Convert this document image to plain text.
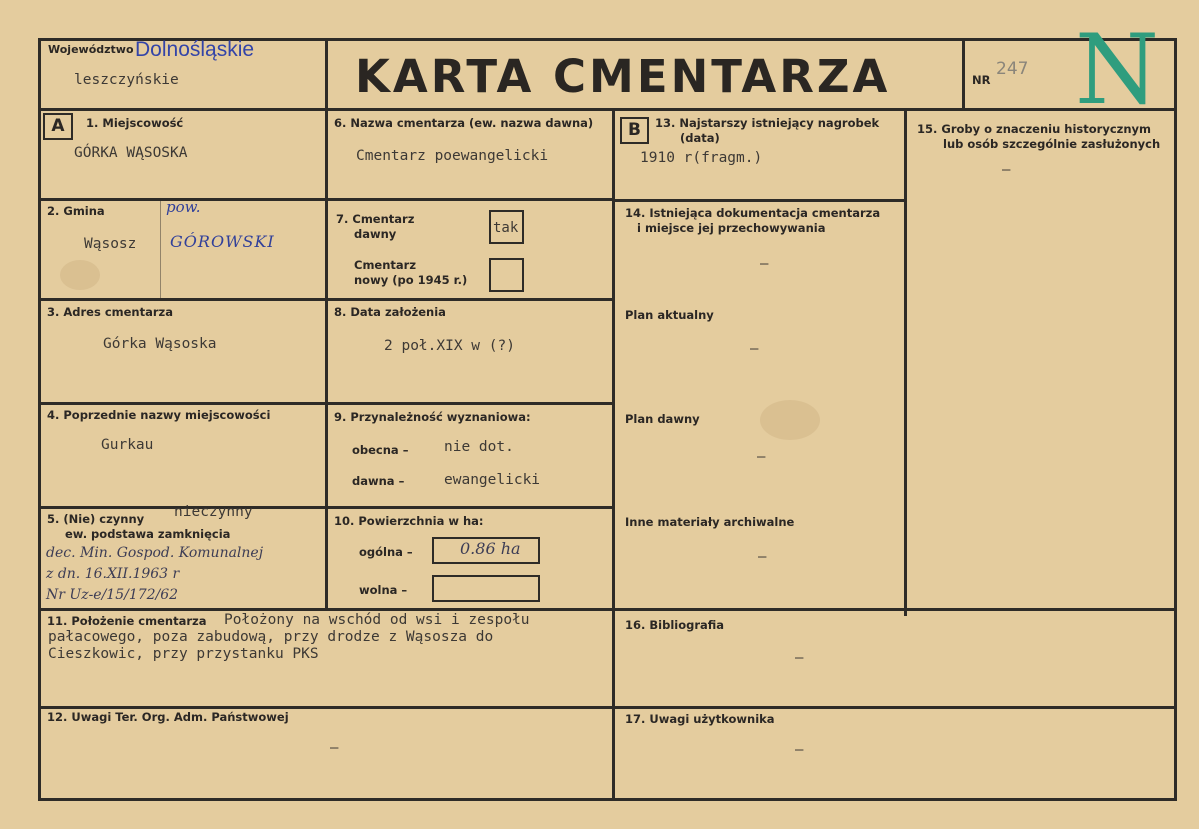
Województwo Dolnośląskie
leszczyńskie	KARTA CMENTARZA	NR
247 N
A	1. Miejscowość
GÓRKA WĄSOSKA
2. Gmina
Wąsosz
pow.
GÓROWSKI
3. Adres cmentarza
Górka Wąsoska
4. Poprzednie nazwy miejscowości
Gurkau
5. (Nie) czynny nieczynny
ew. podstawa zamknięcia
dec. Min. Gospod. Komunalnej
z dn. 16.XII.1963 r
Nr Uz-e/15/172/62
6. Nazwa cmentarza (ew. nazwa dawna)
Cmentarz poewangelicki
7. Cmentarz
dawny	tak
Cmentarz
nowy (po 1945 r.)
8. Data założenia
2 poł.XIX w (?)
9. Przynależność wyznaniowa:
obecna – nie dot.
dawna –	ewangelicki
10. Powierzchnia w ha:
ogólna –	0.86 ha
wolna –
B	13. Najstarszy istniejący nagrobek
(data)
1910 r(fragm.)
14. Istniejąca dokumentacja cmentarza
i miejsce jej przechowywania
–
Plan aktualny
–
Plan dawny
–
Inne materiały archiwalne
–
15. Groby o znaczeniu historycznym
lub osób szczególnie zasłużonych
–
11. Położenie cmentarza Położony na wschód od wsi i zespołu
pałacowego, poza zabudową, przy drodze z Wąsosza do
Cieszkowic, przy przystanku PKS
16. Bibliografia
–
12. Uwagi Ter. Org. Adm. Państwowej
–
17. Uwagi użytkownika
–
